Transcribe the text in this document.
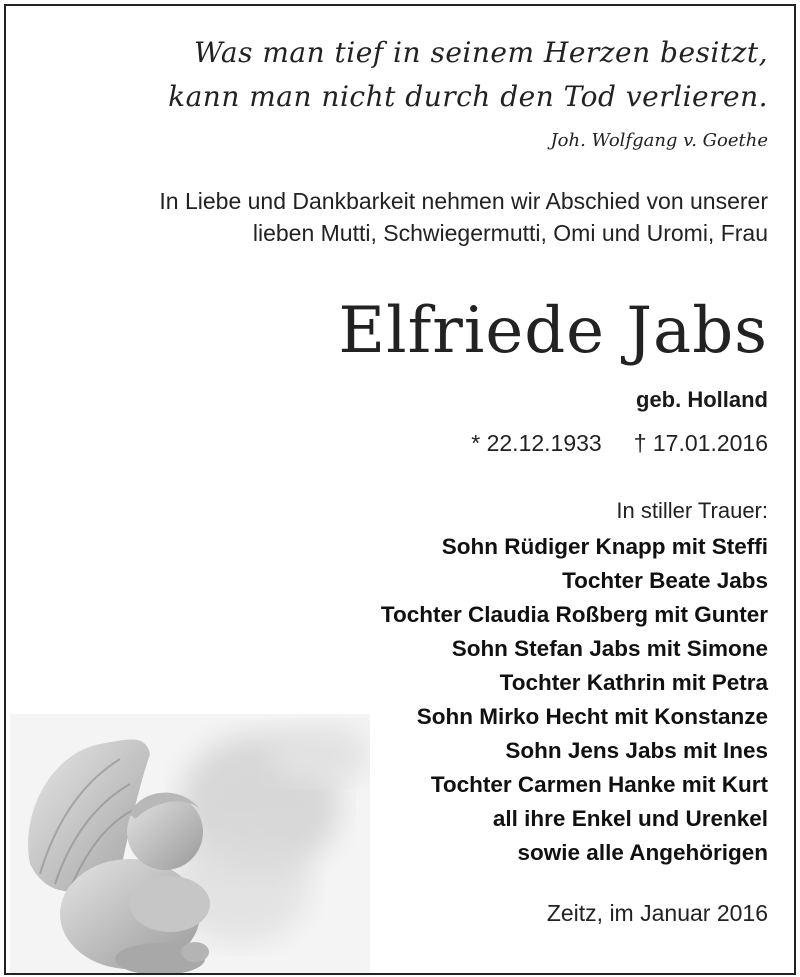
Was man tief in seinem Herzen besitzt,
kann man nicht durch den Tod verlieren.
Joh. Wolfgang v. Goethe
In Liebe und Dankbarkeit nehmen wir Abschied von unserer
lieben Mutti, Schwiegermutti, Omi und Uromi, Frau
Elfriede Jabs
geb. Holland
* 22.12.1933 † 17.01.2016
In stiller Trauer:
Sohn Rüdiger Knapp mit Steffi
Tochter Beate Jabs
Tochter Claudia Roßberg mit Gunter
Sohn Stefan Jabs mit Simone
Tochter Kathrin mit Petra
Sohn Mirko Hecht mit Konstanze
Sohn Jens Jabs mit Ines
Tochter Carmen Hanke mit Kurt
all ihre Enkel und Urenkel
sowie alle Angehörigen
Zeitz, im Januar 2016
